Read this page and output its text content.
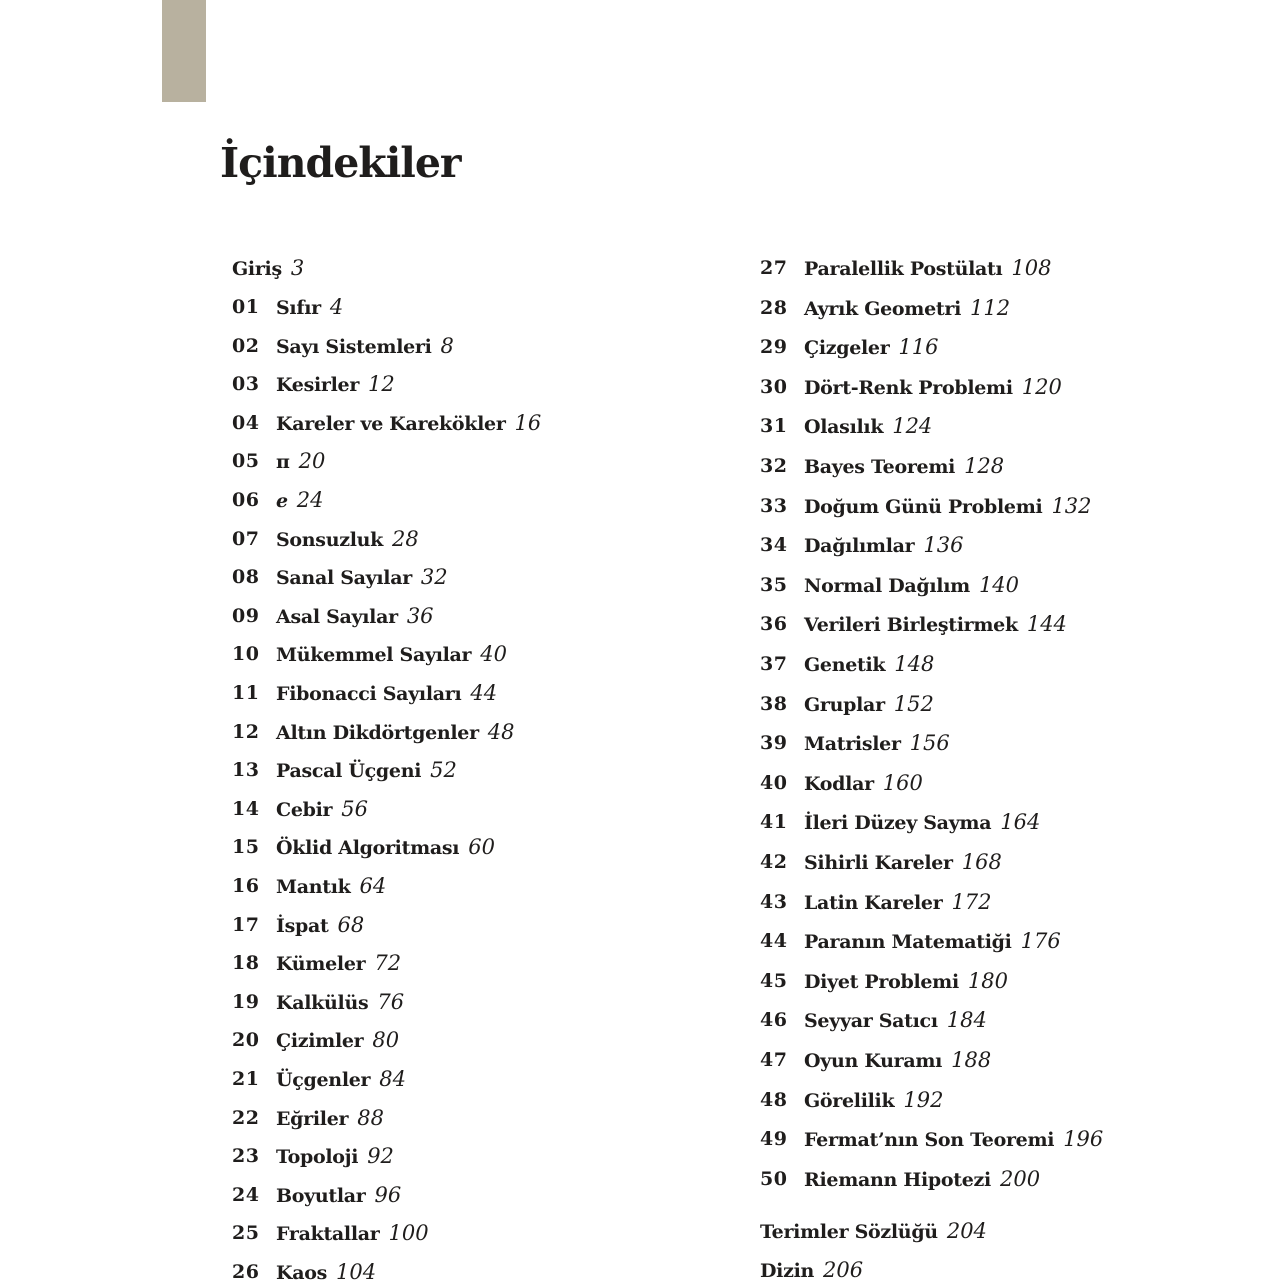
İçindekiler
Giriş 3
01 Sıfır 4
02 Sayı Sistemleri 8
03 Kesirler 12
04 Kareler ve Karekökler 16
05 π 20
06 e 24
07 Sonsuzluk 28
08 Sanal Sayılar 32
09 Asal Sayılar 36
10 Mükemmel Sayılar 40
11 Fibonacci Sayıları 44
12 Altın Dikdörtgenler 48
13 Pascal Üçgeni 52
14 Cebir 56
15 Öklid Algoritması 60
16 Mantık 64
17 İspat 68
18 Kümeler 72
19 Kalkülüs 76
20 Çizimler 80
21 Üçgenler 84
22 Eğriler 88
23 Topoloji 92
24 Boyutlar 96
25 Fraktallar 100
26 Kaos 104
27 Paralellik Postülatı 108
28 Ayrık Geometri 112
29 Çizgeler 116
30 Dört-Renk Problemi 120
31 Olasılık 124
32 Bayes Teoremi 128
33 Doğum Günü Problemi 132
34 Dağılımlar 136
35 Normal Dağılım 140
36 Verileri Birleştirmek 144
37 Genetik 148
38 Gruplar 152
39 Matrisler 156
40 Kodlar 160
41 İleri Düzey Sayma 164
42 Sihirli Kareler 168
43 Latin Kareler 172
44 Paranın Matematiği 176
45 Diyet Problemi 180
46 Seyyar Satıcı 184
47 Oyun Kuramı 188
48 Görelilik 192
49 Fermat’nın Son Teoremi 196
50 Riemann Hipotezi 200
Terimler Sözlüğü 204
Dizin 206
